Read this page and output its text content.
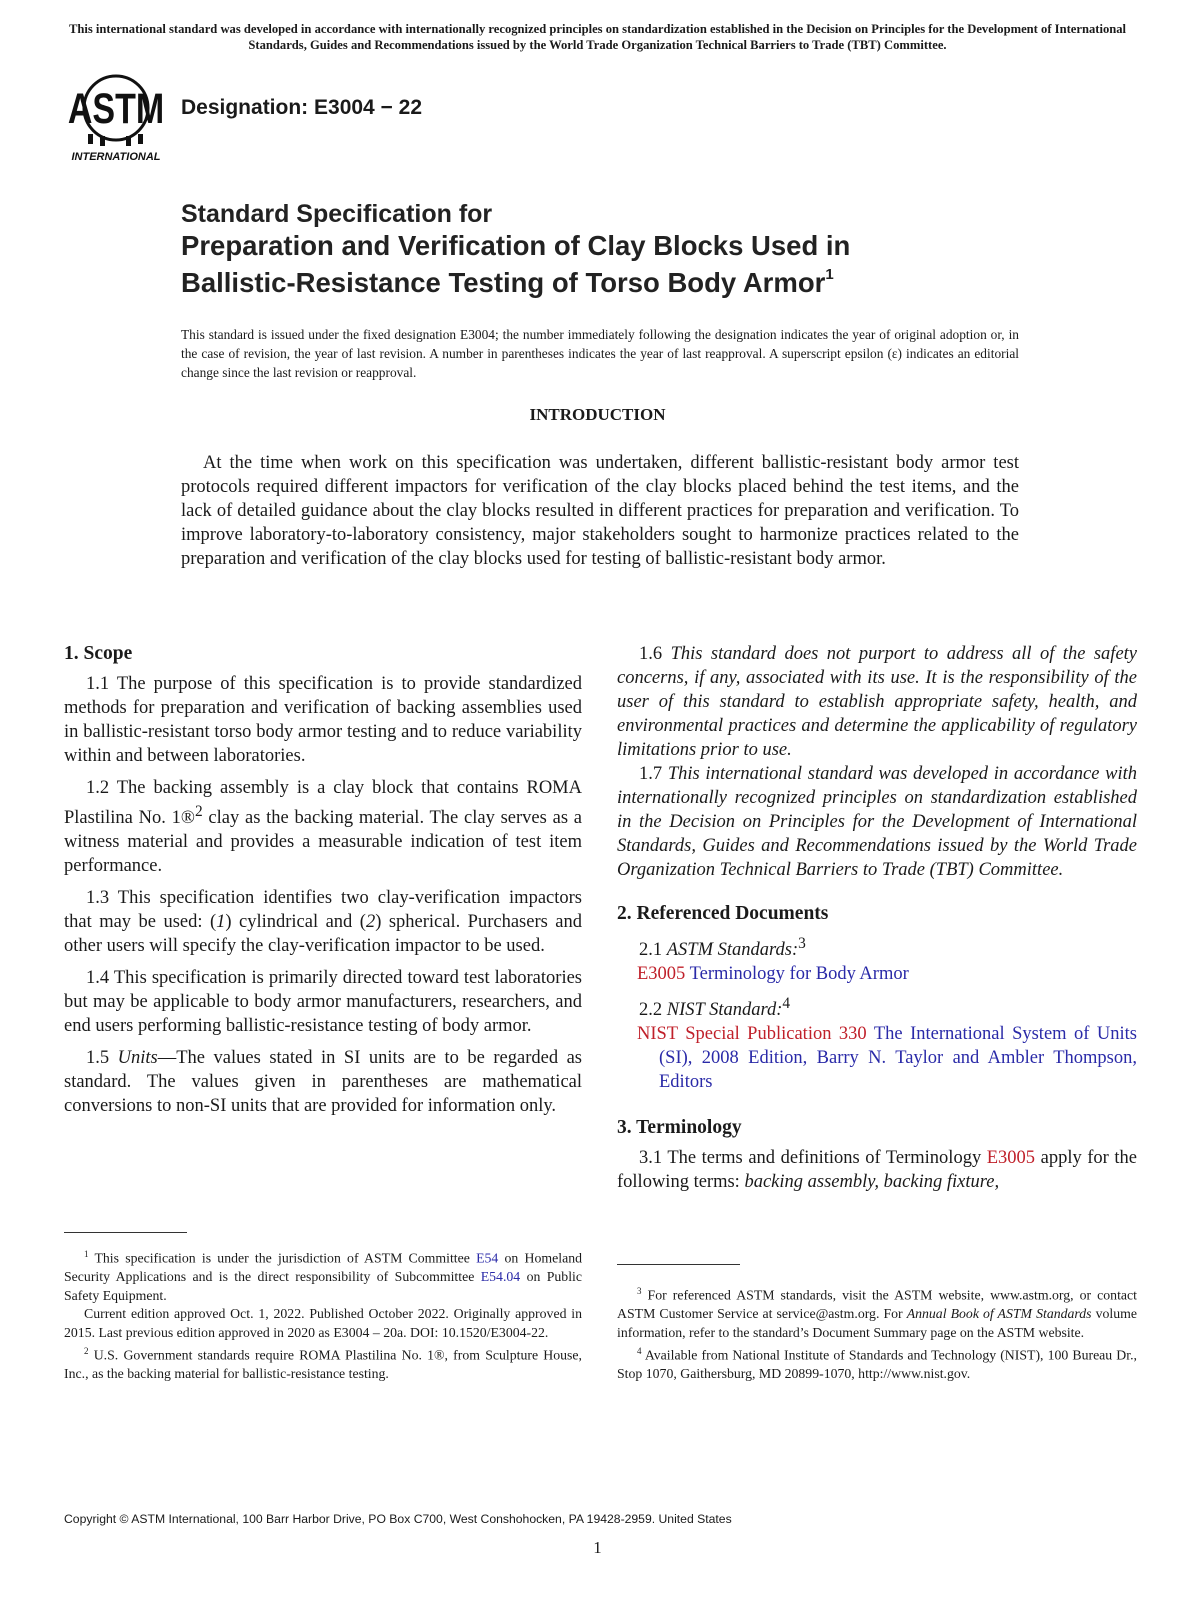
This international standard was developed in accordance with internationally recognized principles on standardization established in the Decision on Principles for the Development of International Standards, Guides and Recommendations issued by the World Trade Organization Technical Barriers to Trade (TBT) Committee.
ASTM
INTERNATIONAL
Designation: E3004 − 22
Standard Specification for
Preparation and Verification of Clay Blocks Used in
Ballistic-Resistance Testing of Torso Body Armor$^1$
This standard is issued under the fixed designation E3004; the number immediately following the designation indicates the year of original adoption or, in the case of revision, the year of last revision. A number in parentheses indicates the year of last reapproval. A superscript epsilon (ε) indicates an editorial change since the last revision or reapproval.
INTRODUCTION
At the time when work on this specification was undertaken, different ballistic-resistant body armor test protocols required different impactors for verification of the clay blocks placed behind the test items, and the lack of detailed guidance about the clay blocks resulted in different practices for preparation and verification. To improve laboratory-to-laboratory consistency, major stakeholders sought to harmonize practices related to the preparation and verification of the clay blocks used for testing of ballistic-resistant body armor.
1. Scope

1.1 The purpose of this specification is to provide standardized methods for preparation and verification of backing assemblies used in ballistic-resistant torso body armor testing and to reduce variability within and between laboratories.

1.2 The backing assembly is a clay block that contains ROMA Plastilina No. 1®$^2$ clay as the backing material. The clay serves as a witness material and provides a measurable indication of test item performance.

1.3 This specification identifies two clay-verification impactors that may be used: (1) cylindrical and (2) spherical. Purchasers and other users will specify the clay-verification impactor to be used.

1.4 This specification is primarily directed toward test laboratories but may be applicable to body armor manufacturers, researchers, and end users performing ballistic-resistance testing of body armor.

1.5 Units—The values stated in SI units are to be regarded as standard. The values given in parentheses are mathematical conversions to non-SI units that are provided for information only.

1.6 This standard does not purport to address all of the safety concerns, if any, associated with its use. It is the responsibility of the user of this standard to establish appropriate safety, health, and environmental practices and determine the applicability of regulatory limitations prior to use.

1.7 This international standard was developed in accordance with internationally recognized principles on standardization established in the Decision on Principles for the Development of International Standards, Guides and Recommendations issued by the World Trade Organization Technical Barriers to Trade (TBT) Committee.

2. Referenced Documents

2.1 ASTM Standards:$^3$

E3005 Terminology for Body Armor

2.2 NIST Standard:$^4$

NIST Special Publication 330 The International System of Units (SI), 2008 Edition, Barry N. Taylor and Ambler Thompson, Editors

3. Terminology

3.1 The terms and definitions of Terminology E3005 apply for the following terms: backing assembly, backing fixture,

$^1$ This specification is under the jurisdiction of ASTM Committee E54 on Homeland Security Applications and is the direct responsibility of Subcommittee E54.04 on Public Safety Equipment.

Current edition approved Oct. 1, 2022. Published October 2022. Originally approved in 2015. Last previous edition approved in 2020 as E3004 – 20a. DOI: 10.1520/E3004-22.

$^2$ U.S. Government standards require ROMA Plastilina No. 1®, from Sculpture House, Inc., as the backing material for ballistic-resistance testing.

$^3$ For referenced ASTM standards, visit the ASTM website, www.astm.org, or contact ASTM Customer Service at service@astm.org. For Annual Book of ASTM Standards volume information, refer to the standard’s Document Summary page on the ASTM website.

$^4$ Available from National Institute of Standards and Technology (NIST), 100 Bureau Dr., Stop 1070, Gaithersburg, MD 20899-1070, http://www.nist.gov.

Copyright © ASTM International, 100 Barr Harbor Drive, PO Box C700, West Conshohocken, PA 19428-2959. United States
1
